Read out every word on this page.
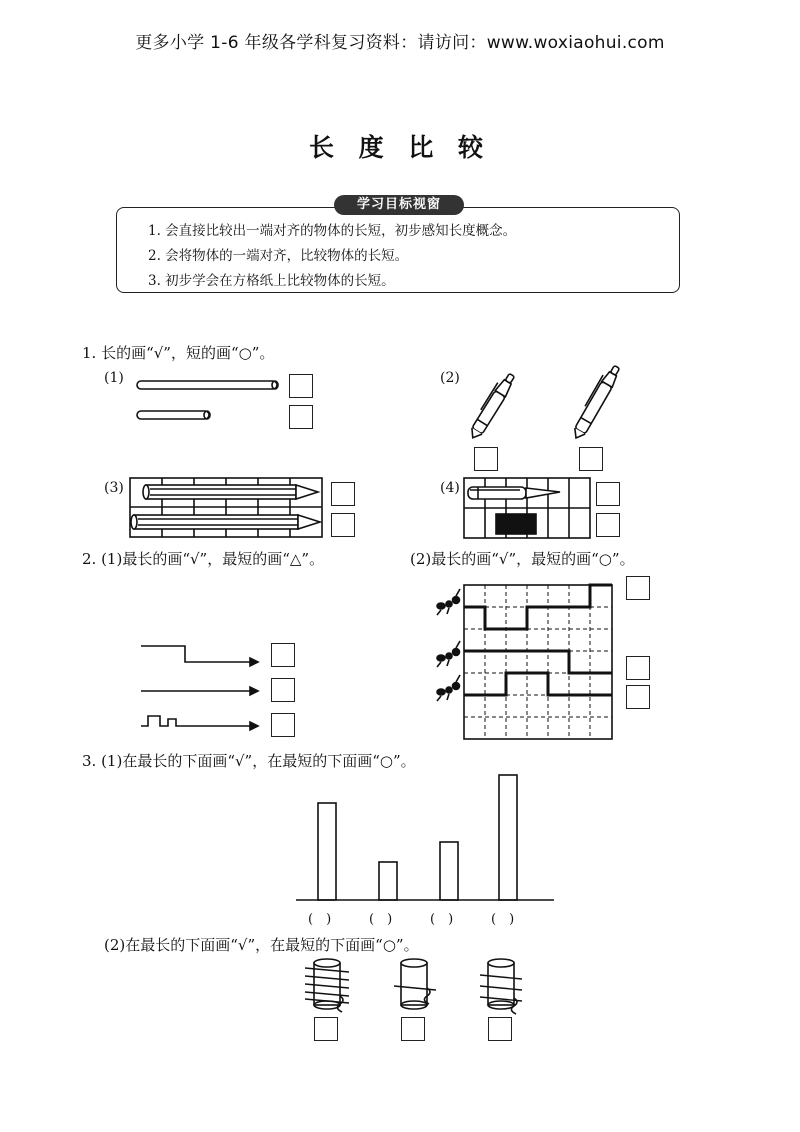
更多小学 1-6 年级各学科复习资料：请访问：www.woxiaohui.com
长 度 比 较
学习目标视窗
1. 会直接比较出一端对齐的物体的长短，初步感知长度概念。
2. 会将物体的一端对齐，比较物体的长短。
3. 初步学会在方格纸上比较物体的长短。
1. 长的画“√”，短的画“○”。
(1)	(2)
(3)	(4)
2. (1)最长的画“√”，最短的画“△”。	(2)最长的画“√”，最短的画“○”。
3. (1)在最长的下面画“√”，在最短的下面画“○”。
(　)	(　)	(　)	(　)
(2)在最长的下面画“√”，在最短的下面画“○”。
